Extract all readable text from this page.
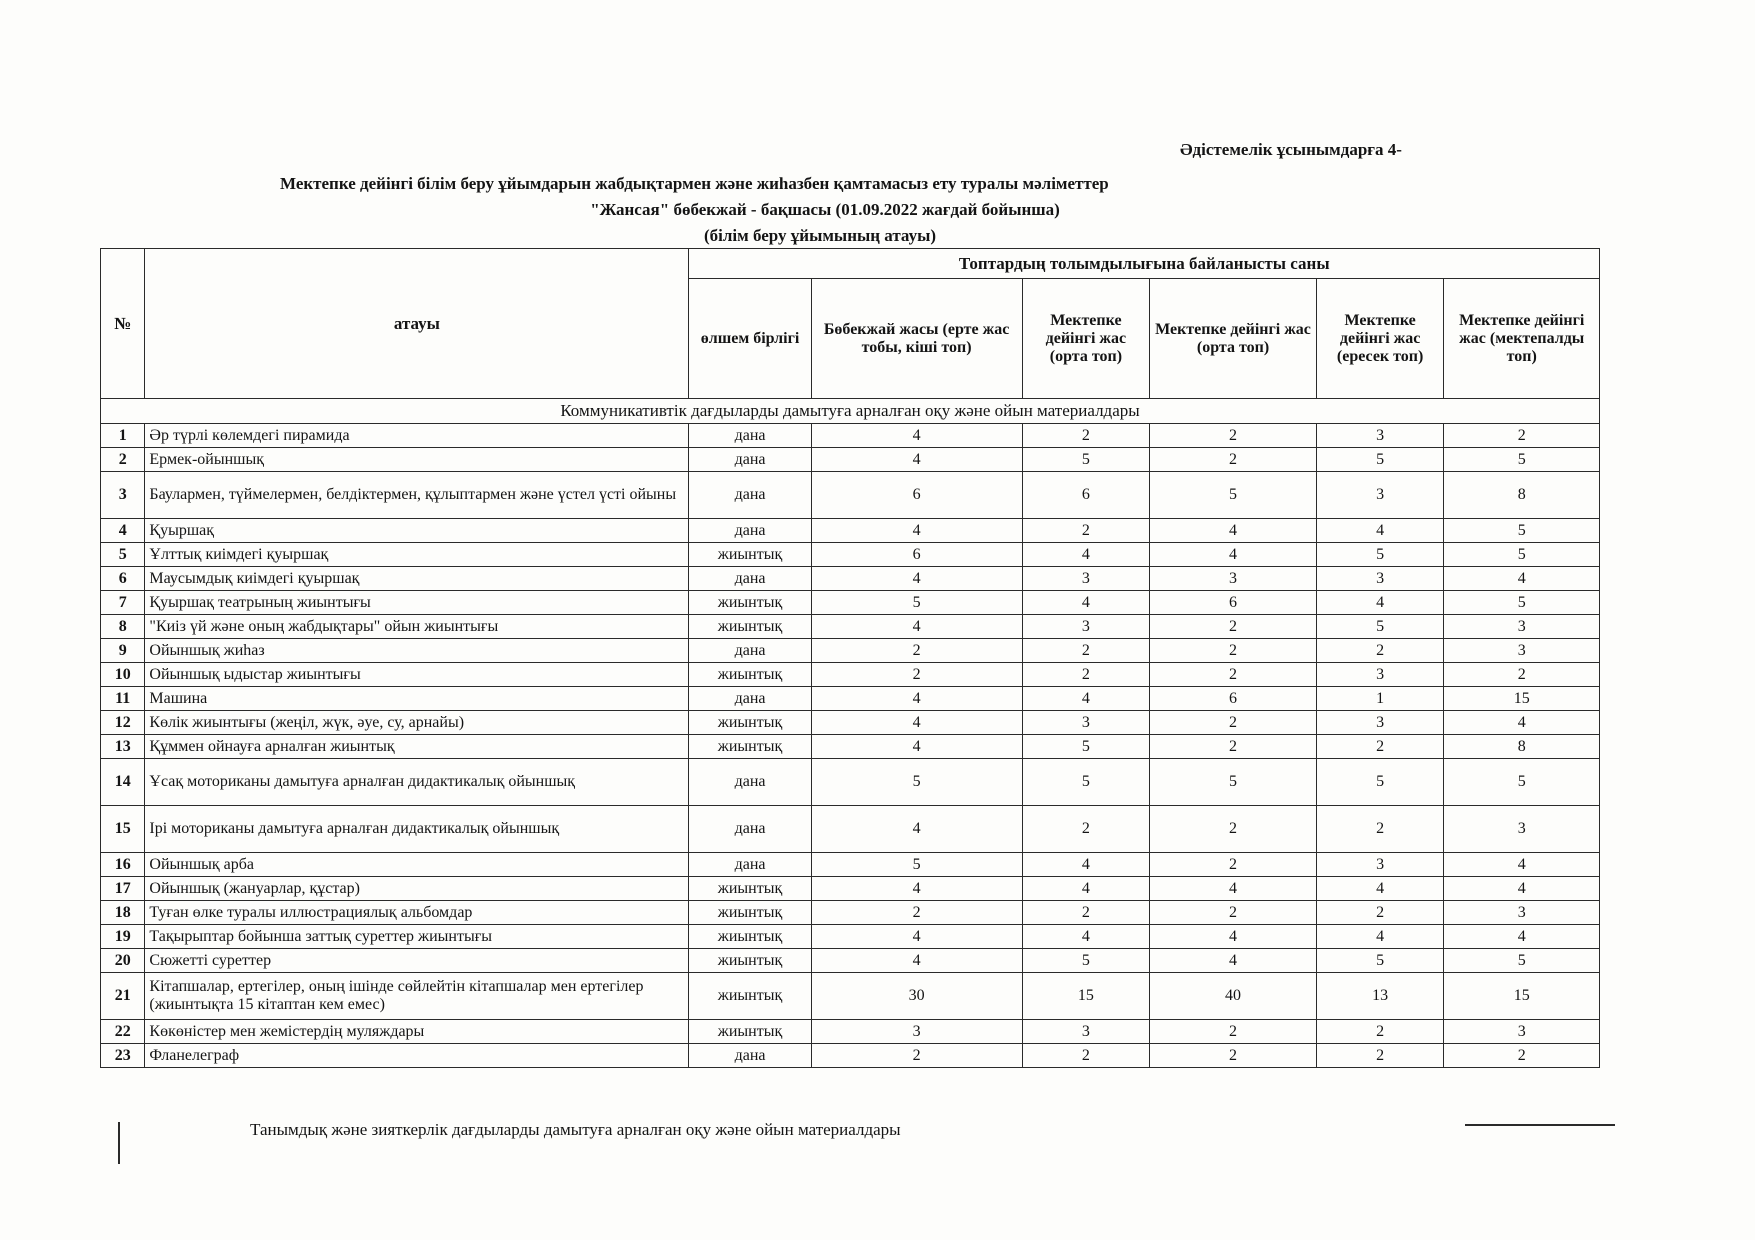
Әдістемелік ұсынымдарға 4-
Мектепке дейінгі білім беру ұйымдарын жабдықтармен және жиһазбен қамтамасыз ету туралы мәліметтер
"Жансая" бөбекжай - бақшасы (01.09.2022 жағдай бойынша)
(білім беру ұйымының атауы)
№	атауы	Топтардың толымдылығына байланысты саны					
		өлшем бірлігі	Бөбекжай жасы (ерте жас тобы, кіші топ)	Мектепке дейінгі жас (орта топ)	Мектепке дейінгі жас (орта топ)	Мектепке дейінгі жас (ересек топ)	Мектепке дейінгі жас (мектепалды топ)
Коммуникативтік дағдыларды дамытуға арналған оқу және ойын материалдары							
1	Әр түрлі көлемдегі пирамида	дана	4	2	2	3	2
2	Ермек-ойыншық	дана	4	5	2	5	5
3	Баулармен, түймелермен, белдіктермен, құлыптармен және үстел үсті ойыны	дана	6	6	5	3	8
4	Қуыршақ	дана	4	2	4	4	5
5	Ұлттық киімдегі қуыршақ	жиынтық	6	4	4	5	5
6	Маусымдық киімдегі қуыршақ	дана	4	3	3	3	4
7	Қуыршақ театрының жиынтығы	жиынтық	5	4	6	4	5
8	"Киіз үй және оның жабдықтары" ойын жиынтығы	жиынтық	4	3	2	5	3
9	Ойыншық жиһаз	дана	2	2	2	2	3
10	Ойыншық ыдыстар жиынтығы	жиынтық	2	2	2	3	2
11	Машина	дана	4	4	6	1	15
12	Көлік жиынтығы (жеңіл, жүк, әуе, су, арнайы)	жиынтық	4	3	2	3	4
13	Құммен ойнауға арналған жиынтық	жиынтық	4	5	2	2	8
14	Ұсақ моториканы дамытуға арналған дидактикалық ойыншық	дана	5	5	5	5	5
15	Ірі моториканы дамытуға арналған дидактикалық ойыншық	дана	4	2	2	2	3
16	Ойыншық арба	дана	5	4	2	3	4
17	Ойыншық (жануарлар, құстар)	жиынтық	4	4	4	4	4
18	Туған өлке туралы иллюстрациялық альбомдар	жиынтық	2	2	2	2	3
19	Тақырыптар бойынша заттық суреттер жиынтығы	жиынтық	4	4	4	4	4
20	Сюжетті суреттер	жиынтық	4	5	4	5	5
21	Кітапшалар, ертегілер, оның ішінде сөйлейтін кітапшалар мен ертегілер (жиынтықта 15 кітаптан кем емес)	жиынтық	30	15	40	13	15
22	Көкөністер мен жемістердің муляждары	жиынтық	3	3	2	2	3
23	Фланелеграф	дана	2	2	2	2	2
Танымдық және зияткерлік дағдыларды дамытуға арналған оқу және ойын материалдары
